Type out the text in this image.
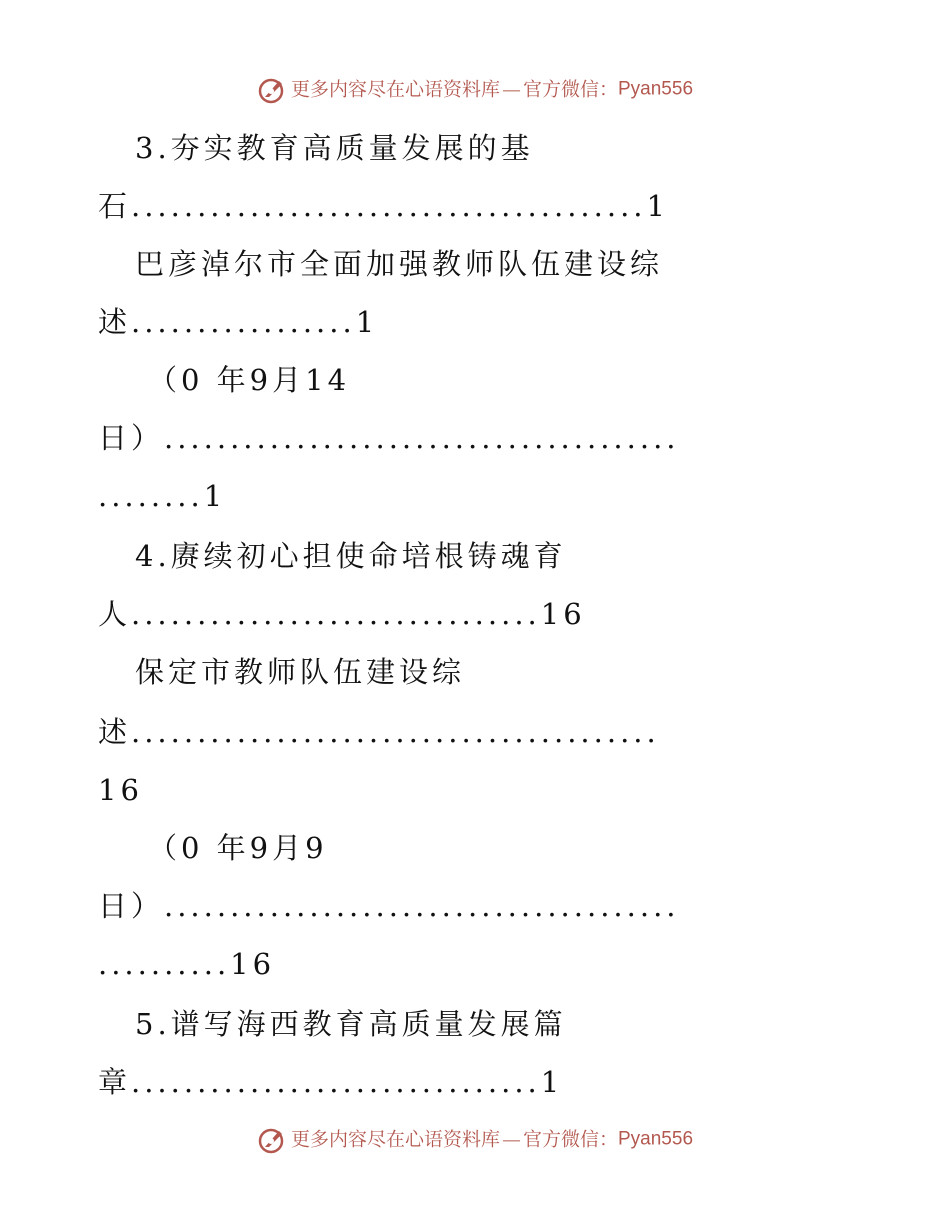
更多内容尽在心语资料库 — 官方微信：Pyan556
3.夯实教育高质量发展的基
石.......................................1
巴彦淖尔市全面加强教师队伍建设综
述.................1
（0 年9月14
日）.......................................
........1
4.赓续初心担使命培根铸魂育
人...............................16
保定市教师队伍建设综
述........................................
16
（0 年9月9
日）.......................................
..........16
5.谱写海西教育高质量发展篇
章...............................1
更多内容尽在心语资料库 — 官方微信：Pyan556
